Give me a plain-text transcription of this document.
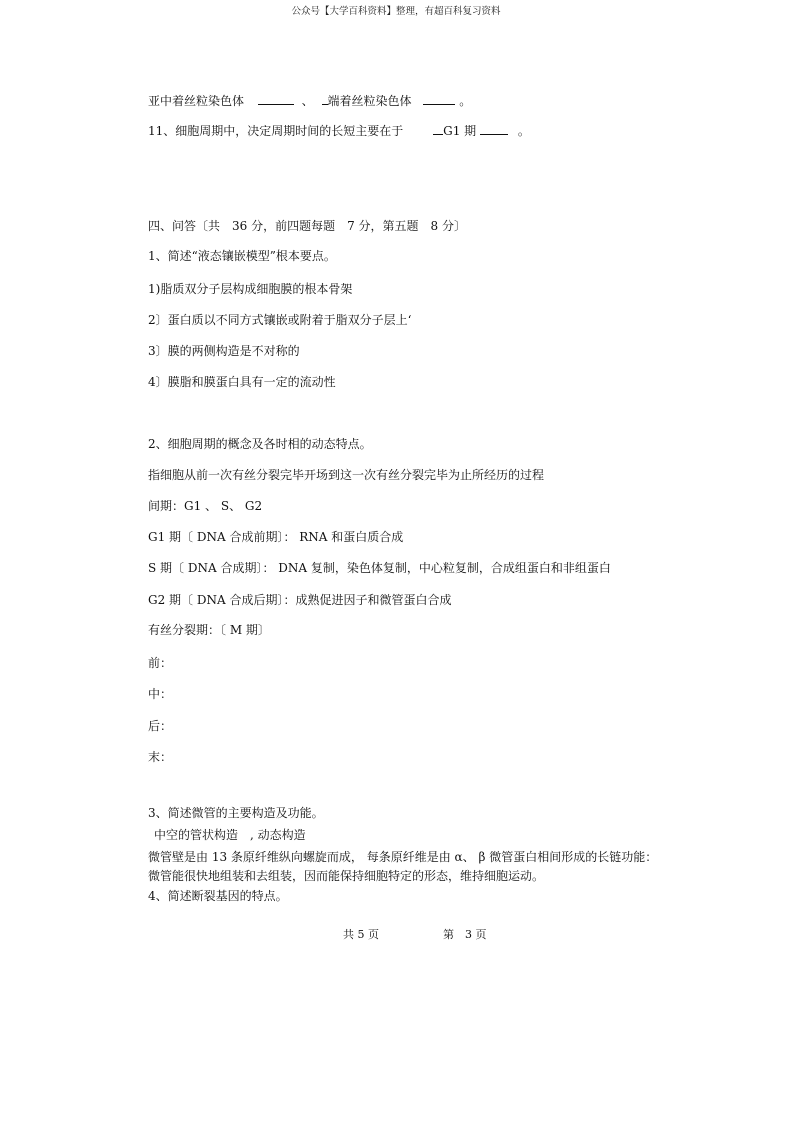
公众号【大学百科资料】整理，有超百科复习资料
亚中着丝粒染色体	、 端着丝粒染色体	。
11、细胞周期中，决定周期时间的长短主要在于	G1 期	。
四、问答〔共　36 分，前四题每题　7 分，第五题　8 分〕
1、简述“液态镶嵌模型”根本要点。
1)脂质双分子层构成细胞膜的根本骨架
2〕蛋白质以不同方式镶嵌或附着于脂双分子层上‘
3〕膜的两侧构造是不对称的
4〕膜脂和膜蛋白具有一定的流动性
2、细胞周期的概念及各时相的动态特点。
指细胞从前一次有丝分裂完毕开场到这一次有丝分裂完毕为止所经历的过程
间期：G1 、 S、 G2
G1 期〔 DNA 合成前期〕： RNA 和蛋白质合成
S 期〔 DNA 合成期〕： DNA 复制，染色体复制，中心粒复制，合成组蛋白和非组蛋白
G2 期〔 DNA 合成后期〕：成熟促进因子和微管蛋白合成
有丝分裂期：〔 M 期〕
前：
中：
后：
末：
3、简述微管的主要构造及功能。
中空的管状构造　, 动态构造
微管壁是由 13 条原纤维纵向螺旋而成， 每条原纤维是由 α、 β 微管蛋白相间形成的长链功能：
微管能很快地组装和去组装，因而能保持细胞特定的形态，维持细胞运动。
4、简述断裂基因的特点。
共 5 页	第　3 页
